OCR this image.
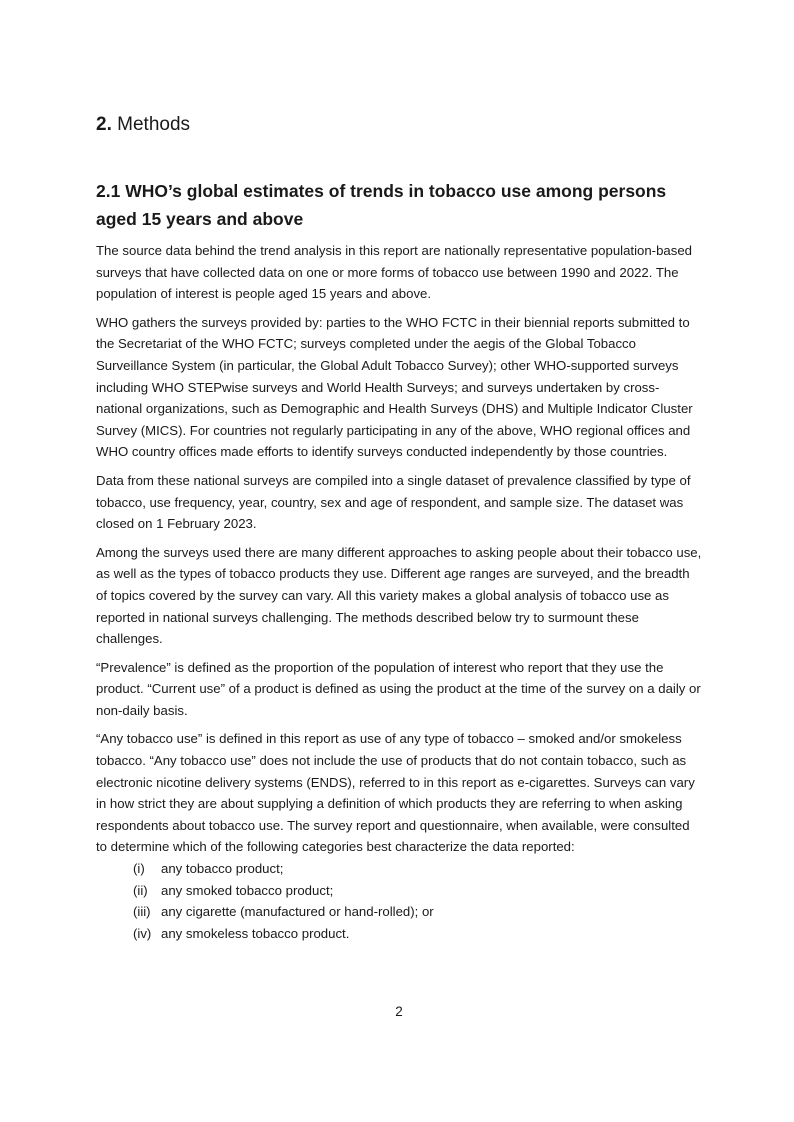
2. Methods
2.1 WHO’s global estimates of trends in tobacco use among persons aged 15 years and above

The source data behind the trend analysis in this report are nationally representative population-based surveys that have collected data on one or more forms of tobacco use between 1990 and 2022. The population of interest is people aged 15 years and above.

WHO gathers the surveys provided by: parties to the WHO FCTC in their biennial reports submitted to the Secretariat of the WHO FCTC; surveys completed under the aegis of the Global Tobacco Surveillance System (in particular, the Global Adult Tobacco Survey); other WHO-supported surveys including WHO STEPwise surveys and World Health Surveys; and surveys undertaken by cross-national organizations, such as Demographic and Health Surveys (DHS) and Multiple Indicator Cluster Survey (MICS). For countries not regularly participating in any of the above, WHO regional offices and WHO country offices made efforts to identify surveys conducted independently by those countries.

Data from these national surveys are compiled into a single dataset of prevalence classified by type of tobacco, use frequency, year, country, sex and age of respondent, and sample size. The dataset was closed on 1 February 2023.

Among the surveys used there are many different approaches to asking people about their tobacco use, as well as the types of tobacco products they use. Different age ranges are surveyed, and the breadth of topics covered by the survey can vary. All this variety makes a global analysis of tobacco use as reported in national surveys challenging. The methods described below try to surmount these challenges.

“Prevalence” is defined as the proportion of the population of interest who report that they use the product. “Current use” of a product is defined as using the product at the time of the survey on a daily or non-daily basis.

“Any tobacco use” is defined in this report as use of any type of tobacco – smoked and/or smokeless tobacco. “Any tobacco use” does not include the use of products that do not contain tobacco, such as electronic nicotine delivery systems (ENDS), referred to in this report as e-cigarettes. Surveys can vary in how strict they are about supplying a definition of which products they are referring to when asking respondents about tobacco use. The survey report and questionnaire, when available, were consulted to determine which of the following categories best characterize the data reported:

(i)	any tobacco product;
(ii)	any smoked tobacco product;
(iii) any cigarette (manufactured or hand-rolled); or
(iv) any smokeless tobacco product.
2
